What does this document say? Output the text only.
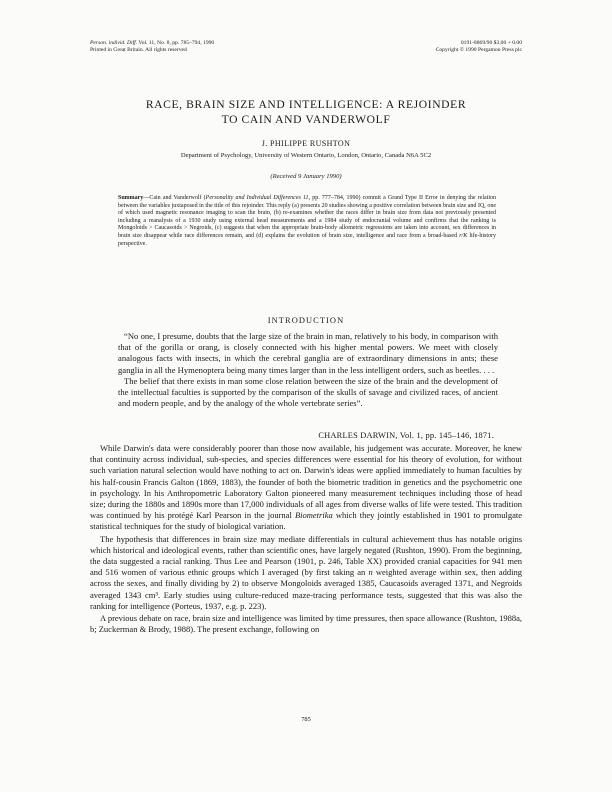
Person. individ. Diff. Vol. 11, No. 8, pp. 785–794, 1990
Printed in Great Britain. All rights reserved
0191-8869/90 $3.00 + 0.00
Copyright © 1990 Pergamon Press plc
RACE, BRAIN SIZE AND INTELLIGENCE: A REJOINDER
TO CAIN AND VANDERWOLF
J. PHILIPPE RUSHTON
Department of Psychology, University of Western Ontario, London, Ontario, Canada N6A 5C2
(Received 9 January 1990)
Summary—Cain and Vanderwolf (Personality and Individual Differences 11, pp. 777–784, 1990) commit a Grand Type II Error in denying the relation between the variables juxtaposed in the title of this rejoinder. This reply (a) presents 20 studies showing a positive correlation between brain size and IQ, one of which used magnetic resonance imaging to scan the brain, (b) re-examines whether the races differ in brain size from data not previously presented including a reanalysis of a 1930 study using external head measurements and a 1984 study of endocranial volume and confirms that the ranking is Mongoloids > Caucasoids > Negroids, (c) suggests that when the appropriate brain-body allometric regressions are taken into account, sex differences in brain size disappear while race differences remain, and (d) explains the evolution of brain size, intelligence and race from a broad-based r/K life-history perspective.
INTRODUCTION

“No one, I presume, doubts that the large size of the brain in man, relatively to his body, in comparison with that of the gorilla or orang, is closely connected with his higher mental powers. We meet with closely analogous facts with insects, in which the cerebral ganglia are of extraordinary dimensions in ants; these ganglia in all the Hymenoptera being many times larger than in the less intelligent orders, such as beetles. . . .

The belief that there exists in man some close relation between the size of the brain and the development of the intellectual faculties is supported by the comparison of the skulls of savage and civilized races, of ancient and modern people, and by the analogy of the whole vertebrate series”.

CHARLES DARWIN, Vol. 1, pp. 145–146, 1871.

While Darwin's data were considerably poorer than those now available, his judgement was accurate. Moreover, he knew that continuity across individual, sub-species, and species differences were essential for his theory of evolution, for without such variation natural selection would have nothing to act on. Darwin's ideas were applied immediately to human faculties by his half-cousin Francis Galton (1869, 1883), the founder of both the biometric tradition in genetics and the psychometric one in psychology. In his Anthropometric Laboratory Galton pioneered many measurement techniques including those of head size; during the 1880s and 1890s more than 17,000 individuals of all ages from diverse walks of life were tested. This tradition was continued by his protégé Karl Pearson in the journal Biometrika which they jointly established in 1901 to promulgate statistical techniques for the study of biological variation.

The hypothesis that differences in brain size may mediate differentials in cultural achievement thus has notable origins which historical and ideological events, rather than scientific ones, have largely negated (Rushton, 1990). From the beginning, the data suggested a racial ranking. Thus Lee and Pearson (1901, p. 246, Table XX) provided cranial capacities for 941 men and 516 women of various ethnic groups which I averaged (by first taking an n weighted average within sex, then adding across the sexes, and finally dividing by 2) to observe Mongoloids averaged 1385, Caucasoids averaged 1371, and Negroids averaged 1343 cm³. Early studies using culture-reduced maze-tracing performance tests, suggested that this was also the ranking for intelligence (Porteus, 1937, e.g. p. 223).

A previous debate on race, brain size and intelligence was limited by time pressures, then space allowance (Rushton, 1988a, b; Zuckerman & Brody, 1988). The present exchange, following on

785
